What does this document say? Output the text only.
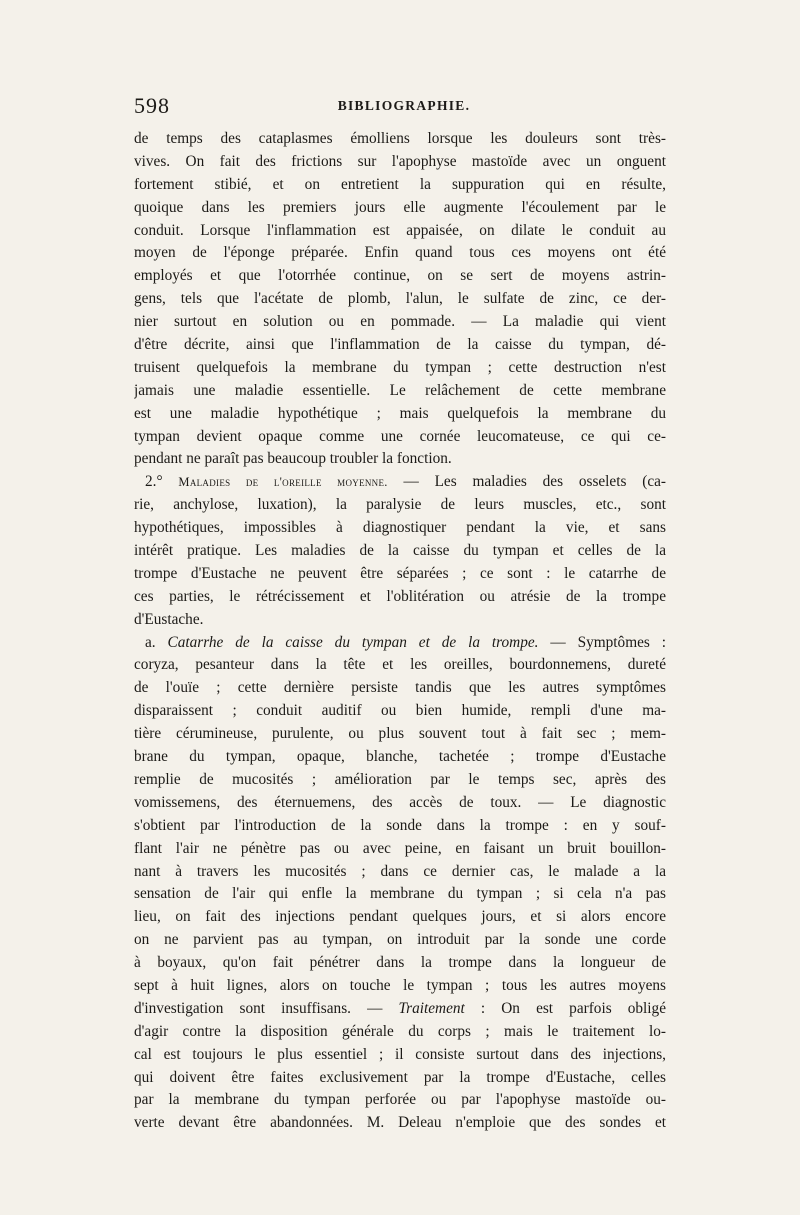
598	BIBLIOGRAPHIE.
de temps des cataplasmes émolliens lorsque les douleurs sont très-
vives. On fait des frictions sur l'apophyse mastoïde avec un onguent
fortement stibié, et on entretient la suppuration qui en résulte,
quoique dans les premiers jours elle augmente l'écoulement par le
conduit. Lorsque l'inflammation est appaisée, on dilate le conduit au
moyen de l'éponge préparée. Enfin quand tous ces moyens ont été
employés et que l'otorrhée continue, on se sert de moyens astrin-
gens, tels que l'acétate de plomb, l'alun, le sulfate de zinc, ce der-
nier surtout en solution ou en pommade. — La maladie qui vient
d'être décrite, ainsi que l'inflammation de la caisse du tympan, dé-
truisent quelquefois la membrane du tympan ; cette destruction n'est
jamais une maladie essentielle. Le relâchement de cette membrane
est une maladie hypothétique ; mais quelquefois la membrane du
tympan devient opaque comme une cornée leucomateuse, ce qui ce-
pendant ne paraît pas beaucoup troubler la fonction.
2.° Maladies de l'oreille moyenne. — Les maladies des osselets (ca-
rie, anchylose, luxation), la paralysie de leurs muscles, etc., sont
hypothétiques, impossibles à diagnostiquer pendant la vie, et sans
intérêt pratique. Les maladies de la caisse du tympan et celles de la
trompe d'Eustache ne peuvent être séparées ; ce sont : le catarrhe de
ces parties, le rétrécissement et l'oblitération ou atrésie de la trompe
d'Eustache.
a. Catarrhe de la caisse du tympan et de la trompe. — Symptômes :
coryza, pesanteur dans la tête et les oreilles, bourdonnemens, dureté
de l'ouïe ; cette dernière persiste tandis que les autres symptômes
disparaissent ; conduit auditif ou bien humide, rempli d'une ma-
tière cérumineuse, purulente, ou plus souvent tout à fait sec ; mem-
brane du tympan, opaque, blanche, tachetée ; trompe d'Eustache
remplie de mucosités ; amélioration par le temps sec, après des
vomissemens, des éternuemens, des accès de toux. — Le diagnostic
s'obtient par l'introduction de la sonde dans la trompe : en y souf-
flant l'air ne pénètre pas ou avec peine, en faisant un bruit bouillon-
nant à travers les mucosités ; dans ce dernier cas, le malade a la
sensation de l'air qui enfle la membrane du tympan ; si cela n'a pas
lieu, on fait des injections pendant quelques jours, et si alors encore
on ne parvient pas au tympan, on introduit par la sonde une corde
à boyaux, qu'on fait pénétrer dans la trompe dans la longueur de
sept à huit lignes, alors on touche le tympan ; tous les autres moyens
d'investigation sont insuffisans. — Traitement : On est parfois obligé
d'agir contre la disposition générale du corps ; mais le traitement lo-
cal est toujours le plus essentiel ; il consiste surtout dans des injections,
qui doivent être faites exclusivement par la trompe d'Eustache, celles
par la membrane du tympan perforée ou par l'apophyse mastoïde ou-
verte devant être abandonnées. M. Deleau n'emploie que des sondes et
